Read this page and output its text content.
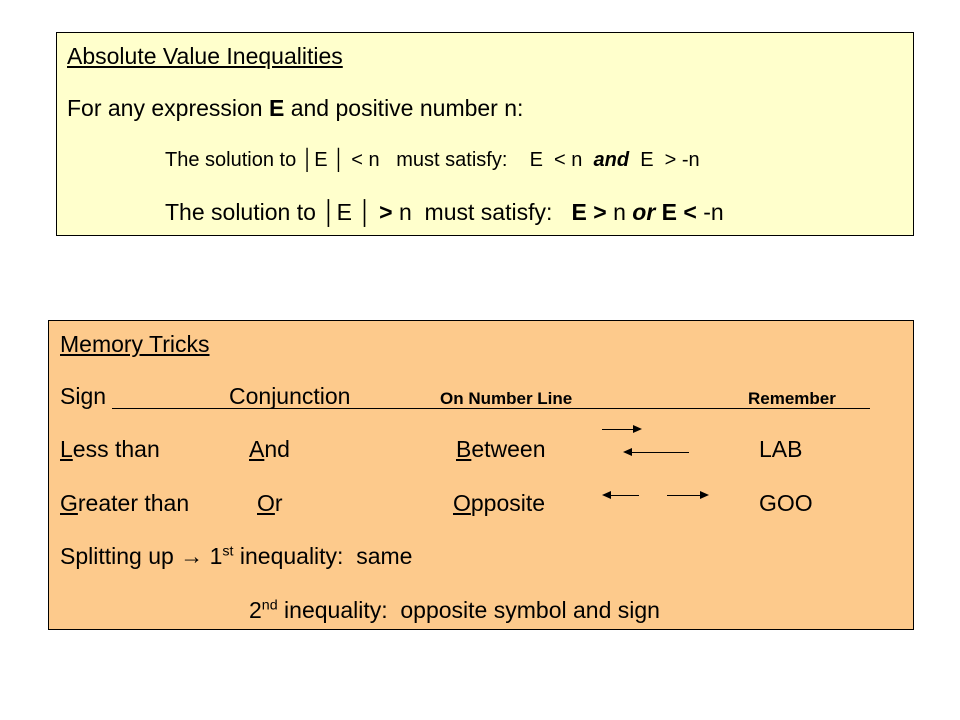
Absolute Value Inequalities
For any expression E and positive number n:
The solution to │E │ < n   must satisfy:    E  < n  and  E  > -n
The solution to │E │ > n  must satisfy:   E > n or E < -n
Memory Tricks
Sign	Conjunction	On Number Line	Remember
Less than	And	Between	LAB
Greater than	Or	Opposite	GOO
Splitting up → 1st inequality:  same
2nd inequality:  opposite symbol and sign
